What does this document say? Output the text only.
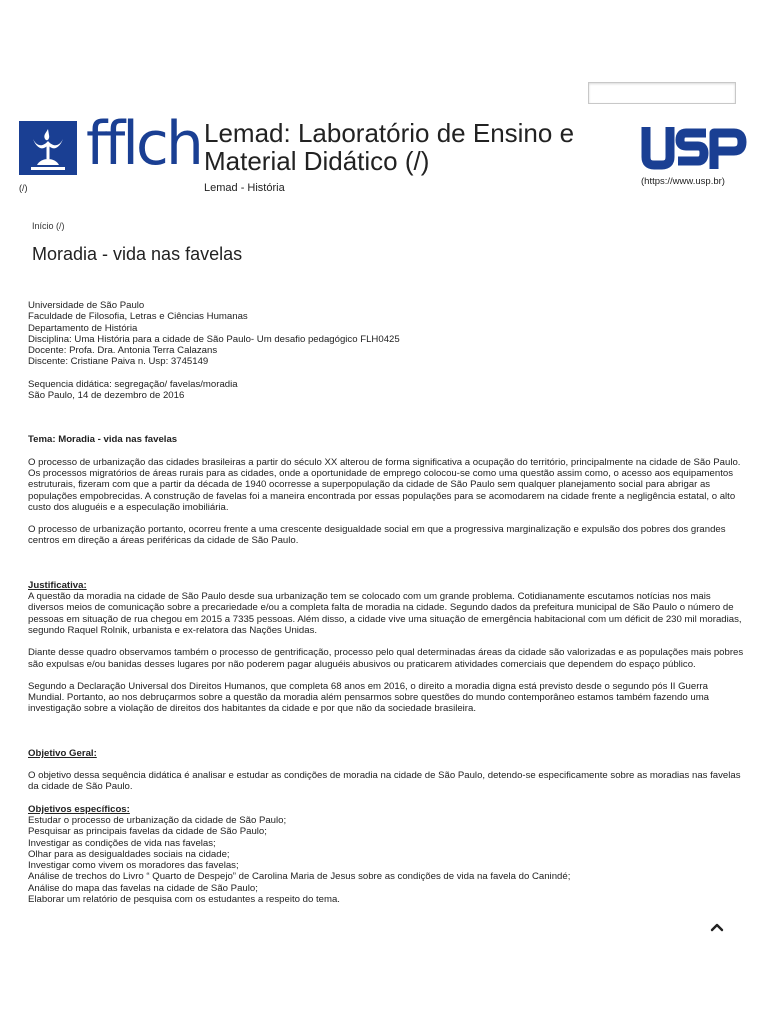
fflch
(/)
Lemad: Laboratório de Ensino e Material Didático (/)
Lemad - História
(https://www.usp.br)
Início (/)
Moradia - vida nas favelas

Universidade de São Paulo

Faculdade de Filosofia, Letras e Ciências Humanas

Departamento de História

Disciplina: Uma História para a cidade de São Paulo- Um desafio pedagógico FLH0425

Docente: Profa. Dra. Antonia Terra Calazans

Discente: Cristiane Paiva n. Usp: 3745149

Sequencia didática: segregação/ favelas/moradia

São Paulo, 14 de dezembro de 2016

Tema: Moradia - vida nas favelas

O processo de urbanização das cidades brasileiras a partir do século XX alterou de forma significativa a ocupação do território, principalmente na cidade de São Paulo. Os processos migratórios de áreas rurais para as cidades, onde a oportunidade de emprego colocou-se como uma questão assim como, o acesso aos equipamentos estruturais, fizeram com que a partir da década de 1940 ocorresse a superpopulação da cidade de São Paulo sem qualquer planejamento social para abrigar as populações empobrecidas. A construção de favelas foi a maneira encontrada por essas populações para se acomodarem na cidade frente a negligência estatal, o alto custo dos aluguéis e a especulação imobiliária.

O processo de urbanização portanto, ocorreu frente a uma crescente desigualdade social em que a progressiva marginalização e expulsão dos pobres dos grandes centros em direção a áreas periféricas da cidade de São Paulo.

Justificativa:

A questão da moradia na cidade de São Paulo desde sua urbanização tem se colocado com um grande problema. Cotidianamente escutamos notícias nos mais diversos meios de comunicação sobre a precariedade e/ou a completa falta de moradia na cidade. Segundo dados da prefeitura municipal de São Paulo o número de pessoas em situação de rua chegou em 2015 a 7335 pessoas. Além disso, a cidade vive uma situação de emergência habitacional com um déficit de 230 mil moradias, segundo Raquel Rolnik, urbanista e ex-relatora das Nações Unidas.

Diante desse quadro observamos também o processo de gentrificação, processo pelo qual determinadas áreas da cidade são valorizadas e as populações mais pobres são expulsas e/ou banidas desses lugares por não poderem pagar aluguéis abusivos ou praticarem atividades comerciais que dependem do espaço público.

Segundo a Declaração Universal dos Direitos Humanos, que completa 68 anos em 2016, o direito a moradia digna está previsto desde o segundo pós II Guerra Mundial. Portanto, ao nos debruçarmos sobre a questão da moradia além pensarmos sobre questões do mundo contemporâneo estamos também fazendo uma investigação sobre a violação de direitos dos habitantes da cidade e por que não da sociedade brasileira.

Objetivo Geral:

O objetivo dessa sequência didática é analisar e estudar as condições de moradia na cidade de São Paulo, detendo-se especificamente sobre as moradias nas favelas da cidade de São Paulo.

Objetivos específicos:

Estudar o processo de urbanização da cidade de São Paulo;

Pesquisar as principais favelas da cidade de São Paulo;

Investigar as condições de vida nas favelas;

Olhar para as desigualdades sociais na cidade;

Investigar como vivem os moradores das favelas;

Análise de trechos do Livro “ Quarto de Despejo” de Carolina Maria de Jesus sobre as condições de vida na favela do Canindé;

Análise do mapa das favelas na cidade de São Paulo;

Elaborar um relatório de pesquisa com os estudantes a respeito do tema.
